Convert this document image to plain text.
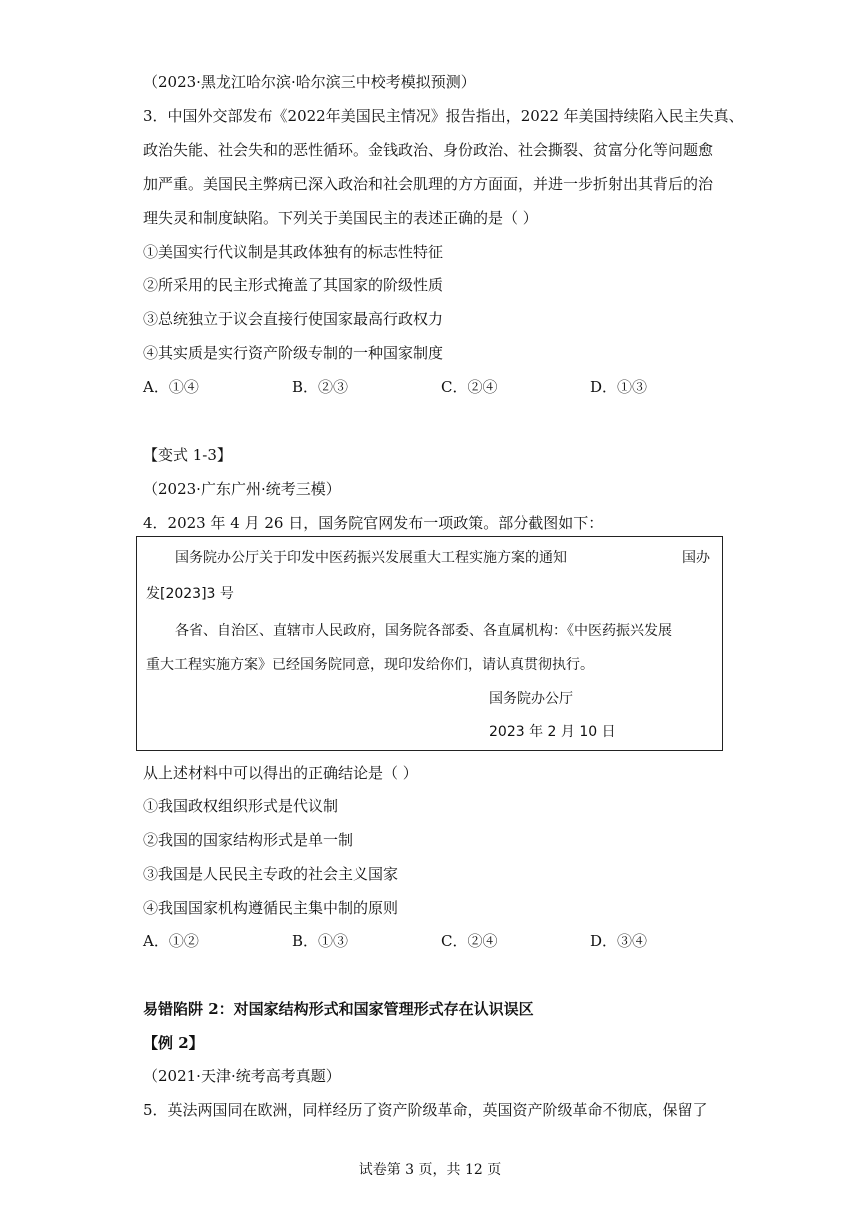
（2023·黑龙江哈尔滨·哈尔滨三中校考模拟预测）
3．中国外交部发布《2022年美国民主情况》报告指出，2022 年美国持续陷入民主失真、
政治失能、社会失和的恶性循环。金钱政治、身份政治、社会撕裂、贫富分化等问题愈
加严重。美国民主弊病已深入政治和社会肌理的方方面面，并进一步折射出其背后的治
理失灵和制度缺陷。下列关于美国民主的表述正确的是（ ）
①美国实行代议制是其政体独有的标志性特征
②所采用的民主形式掩盖了其国家的阶级性质
③总统独立于议会直接行使国家最高行政权力
④其实质是实行资产阶级专制的一种国家制度
A．①④	B．②③	C．②④	D．①③
【变式 1-3】
（2023·广东广州·统考三模）
4．2023 年 4 月 26 日，国务院官网发布一项政策。部分截图如下：
国务院办公厅关于印发中医药振兴发展重大工程实施方案的通知	国办
发[2023]3 号
各省、自治区、直辖市人民政府，国务院各部委、各直属机构：《中医药振兴发展
重大工程实施方案》已经国务院同意，现印发给你们，请认真贯彻执行。
国务院办公厅
2023 年 2 月 10 日
从上述材料中可以得出的正确结论是（ ）
①我国政权组织形式是代议制
②我国的国家结构形式是单一制
③我国是人民民主专政的社会主义国家
④我国国家机构遵循民主集中制的原则
A．①②	B．①③	C．②④	D．③④
易错陷阱 2：对国家结构形式和国家管理形式存在认识误区
【例 2】
（2021·天津·统考高考真题）
5．英法两国同在欧洲，同样经历了资产阶级革命，英国资产阶级革命不彻底，保留了
试卷第 3 页，共 12 页
